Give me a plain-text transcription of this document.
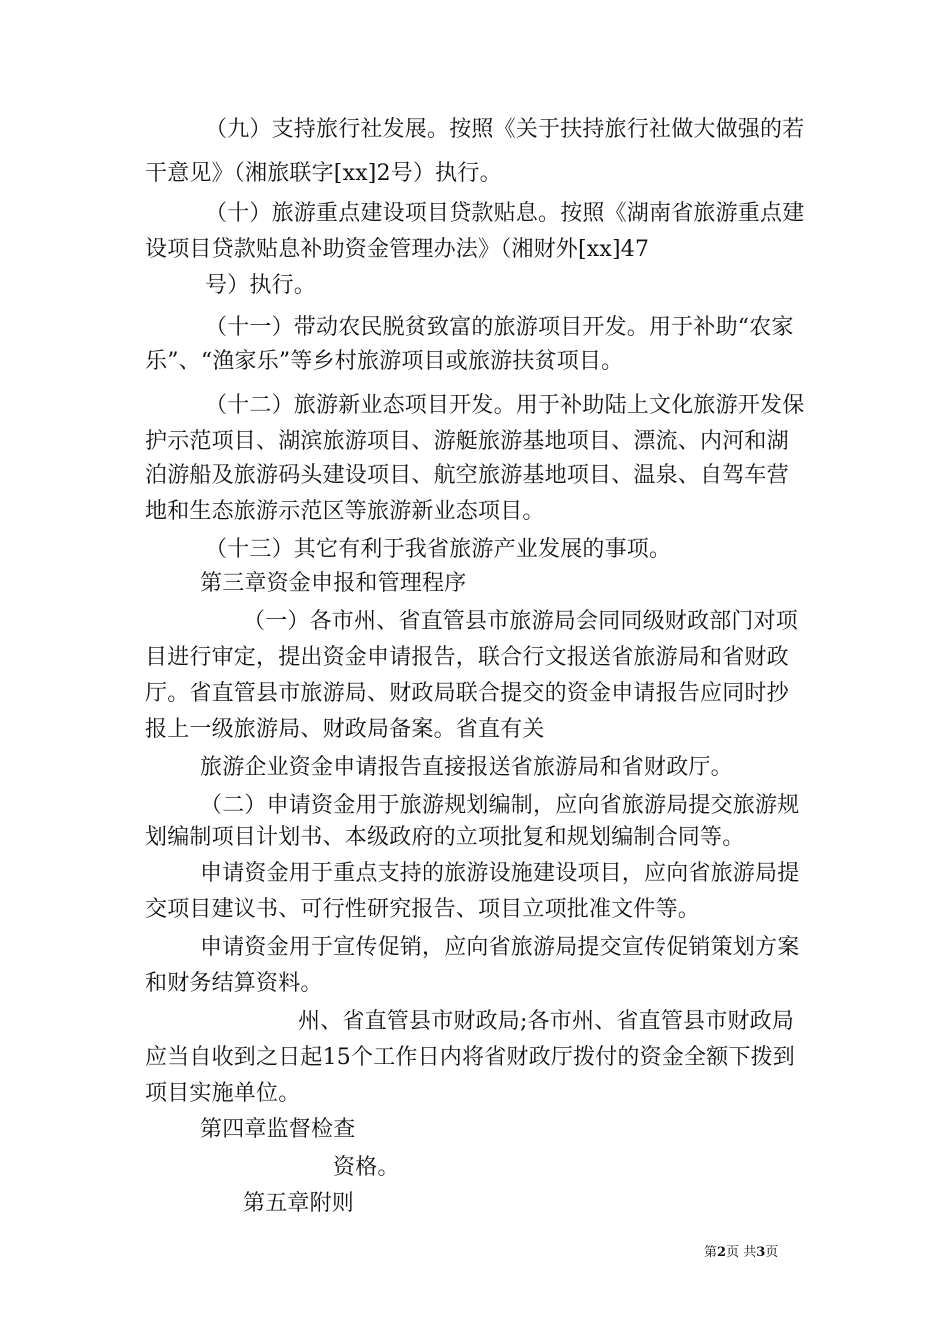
（九）支持旅行社发展。按照《关于扶持旅行社做大做强的若
干意见》（湘旅联字[xx]2号）执行。
（十）旅游重点建设项目贷款贴息。按照《湖南省旅游重点建
设项目贷款贴息补助资金管理办法》（湘财外[xx]47
号）执行。
（十一）带动农民脱贫致富的旅游项目开发。用于补助“农家
乐”、“渔家乐”等乡村旅游项目或旅游扶贫项目。
（十二）旅游新业态项目开发。用于补助陆上文化旅游开发保
护示范项目、湖滨旅游项目、游艇旅游基地项目、漂流、内河和湖
泊游船及旅游码头建设项目、航空旅游基地项目、温泉、自驾车营
地和生态旅游示范区等旅游新业态项目。
（十三）其它有利于我省旅游产业发展的事项。
第三章资金申报和管理程序
（一）各市州、省直管县市旅游局会同同级财政部门对项
目进行审定，提出资金申请报告，联合行文报送省旅游局和省财政
厅。省直管县市旅游局、财政局联合提交的资金申请报告应同时抄
报上一级旅游局、财政局备案。省直有关
旅游企业资金申请报告直接报送省旅游局和省财政厅。
（二）申请资金用于旅游规划编制，应向省旅游局提交旅游规
划编制项目计划书、本级政府的立项批复和规划编制合同等。
申请资金用于重点支持的旅游设施建设项目，应向省旅游局提
交项目建议书、可行性研究报告、项目立项批准文件等。
申请资金用于宣传促销，应向省旅游局提交宣传促销策划方案
和财务结算资料。
州、省直管县市财政局;各市州、省直管县市财政局
应当自收到之日起15个工作日内将省财政厅拨付的资金全额下拨到
项目实施单位。
第四章监督检查
资格。
第五章附则
第2页 共3页
